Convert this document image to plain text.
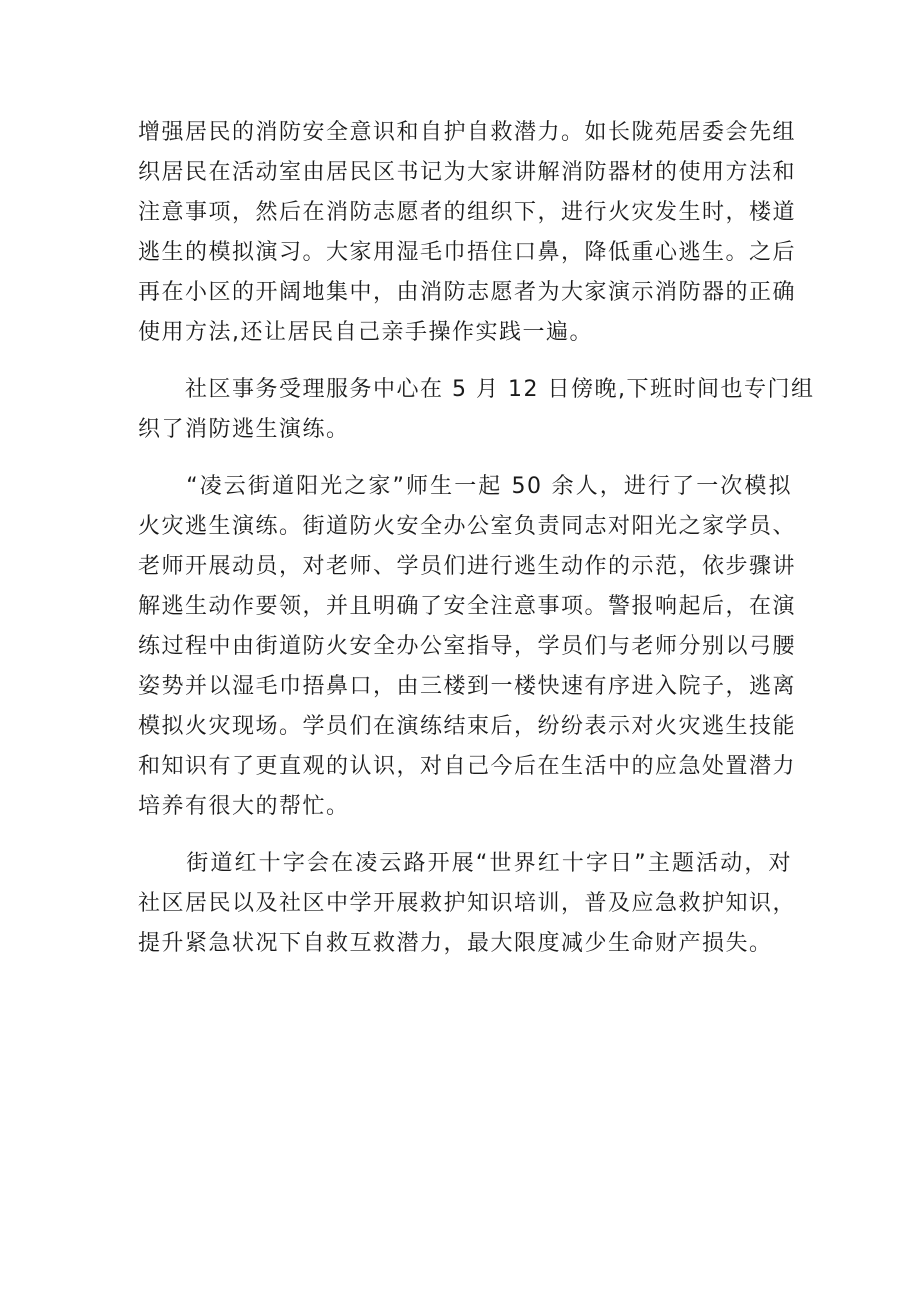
增强居民的消防安全意识和自护自救潜力。如长陇苑居委会先组
织居民在活动室由居民区书记为大家讲解消防器材的使用方法和
注意事项，然后在消防志愿者的组织下，进行火灾发生时，楼道
逃生的模拟演习。大家用湿毛巾捂住口鼻，降低重心逃生。之后
再在小区的开阔地集中，由消防志愿者为大家演示消防器的正确
使用方法,还让居民自己亲手操作实践一遍。

　　社区事务受理服务中心在 5 月 12 日傍晚,下班时间也专门组
织了消防逃生演练。

　　“凌云街道阳光之家”师生一起 50 余人，进行了一次模拟
火灾逃生演练。街道防火安全办公室负责同志对阳光之家学员、
老师开展动员，对老师、学员们进行逃生动作的示范，依步骤讲
解逃生动作要领，并且明确了安全注意事项。警报响起后，在演
练过程中由街道防火安全办公室指导，学员们与老师分别以弓腰
姿势并以湿毛巾捂鼻口，由三楼到一楼快速有序进入院子，逃离
模拟火灾现场。学员们在演练结束后，纷纷表示对火灾逃生技能
和知识有了更直观的认识，对自己今后在生活中的应急处置潜力
培养有很大的帮忙。

　　街道红十字会在凌云路开展“世界红十字日”主题活动，对
社区居民以及社区中学开展救护知识培训，普及应急救护知识，
提升紧急状况下自救互救潜力，最大限度减少生命财产损失。
